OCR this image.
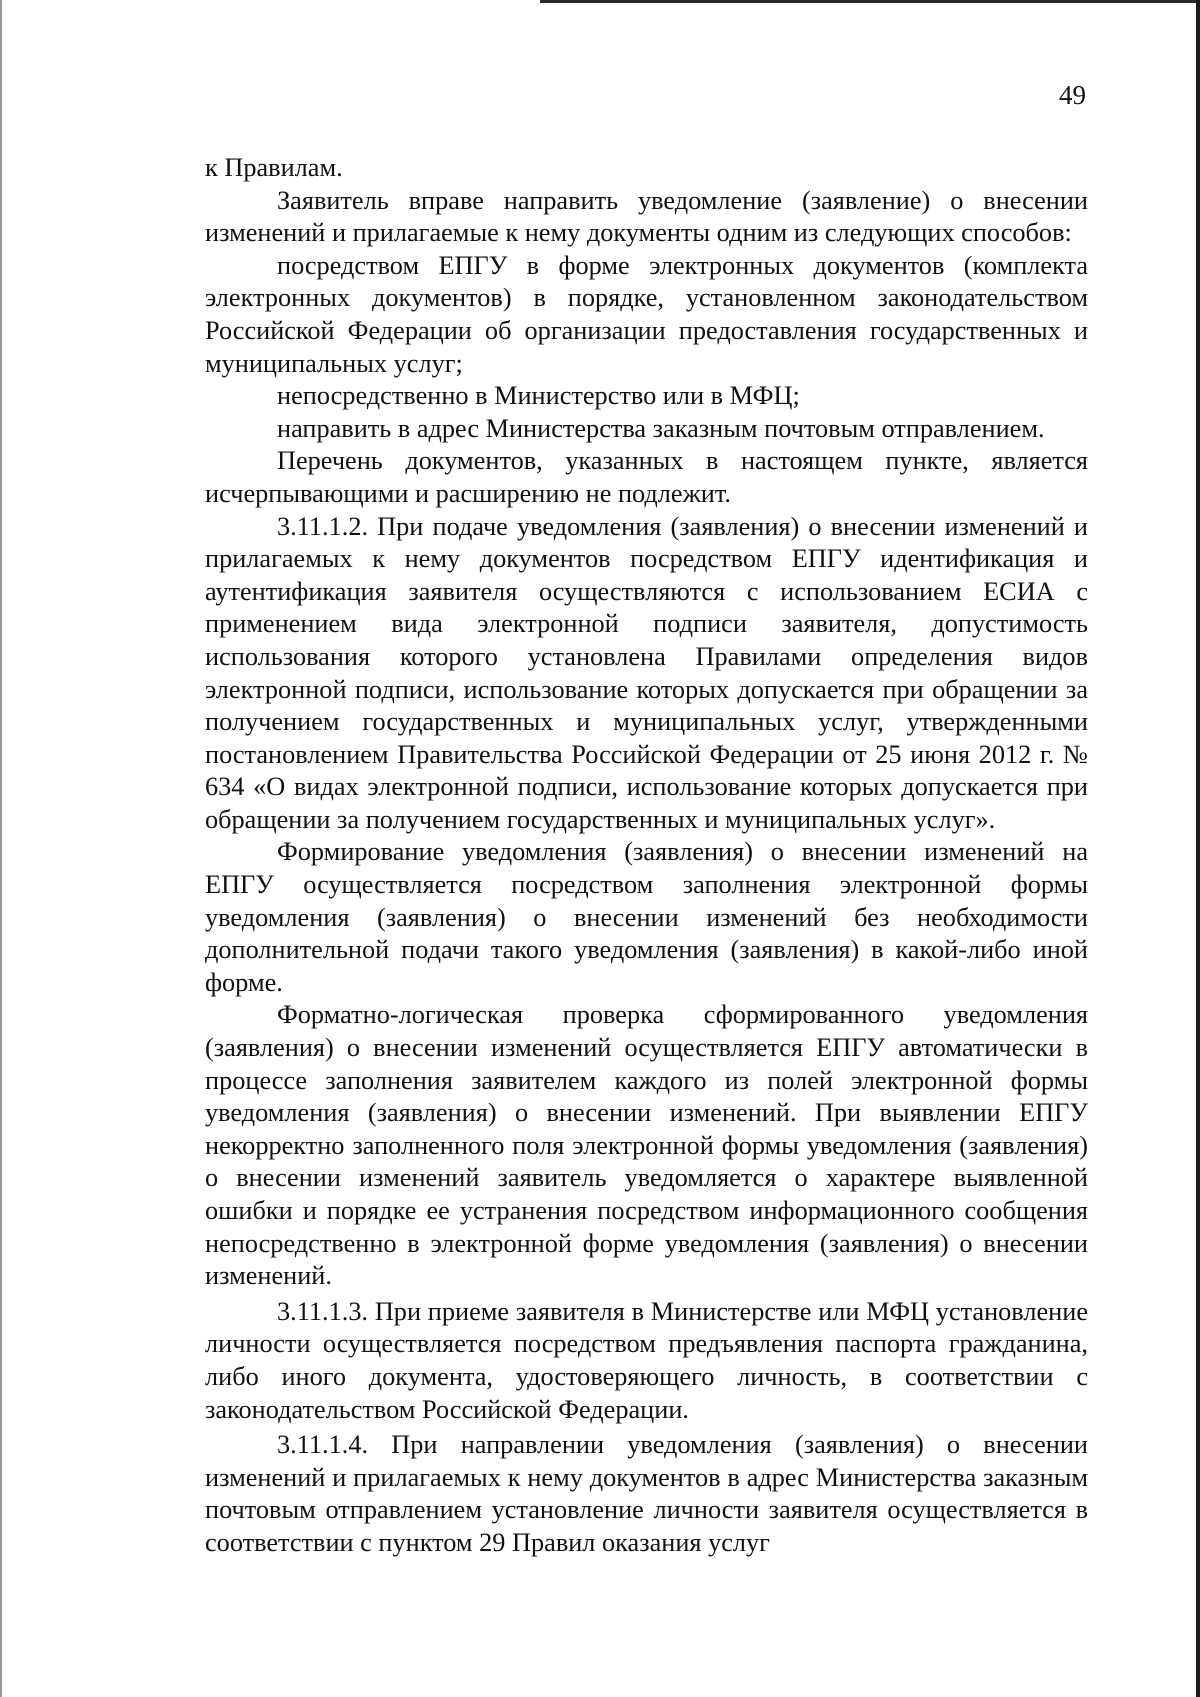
49

к Правилам.

Заявитель вправе направить уведомление (заявление) о внесении изменений и прилагаемые к нему документы одним из следующих способов:

посредством ЕПГУ в форме электронных документов (комплекта электронных документов) в порядке, установленном законодательством Российской Федерации об организации предоставления государственных и муниципальных услуг;

непосредственно в Министерство или в МФЦ;

направить в адрес Министерства заказным почтовым отправлением.

Перечень документов, указанных в настоящем пункте, является исчерпывающими и расширению не подлежит.

3.11.1.2. При подаче уведомления (заявления) о внесении изменений и прилагаемых к нему документов посредством ЕПГУ идентификация и аутентификация заявителя осуществляются с использованием ЕСИА с применением вида электронной подписи заявителя, допустимость использования которого установлена Правилами определения видов электронной подписи, использование которых допускается при обращении за получением государственных и муниципальных услуг, утвержденными постановлением Правительства Российской Федерации от 25 июня 2012 г. № 634 «О видах электронной подписи, использование которых допускается при обращении за получением государственных и муниципальных услуг».

Формирование уведомления (заявления) о внесении изменений на ЕПГУ осуществляется посредством заполнения электронной формы уведомления (заявления) о внесении изменений без необходимости дополнительной подачи такого уведомления (заявления) в какой-либо иной форме.

Форматно-логическая проверка сформированного уведомления (заявления) о внесении изменений осуществляется ЕПГУ автоматически в процессе заполнения заявителем каждого из полей электронной формы уведомления (заявления) о внесении изменений. При выявлении ЕПГУ некорректно заполненного поля электронной формы уведомления (заявления) о внесении изменений заявитель уведомляется о характере выявленной ошибки и порядке ее устранения посредством информационного сообщения непосредственно в электронной форме уведомления (заявления) о внесении изменений.

3.11.1.3. При приеме заявителя в Министерстве или МФЦ установление личности осуществляется посредством предъявления паспорта гражданина, либо иного документа, удостоверяющего личность, в соответствии с законодательством Российской Федерации.

3.11.1.4. При направлении уведомления (заявления) о внесении изменений и прилагаемых к нему документов в адрес Министерства заказным почтовым отправлением установление личности заявителя осуществляется в соответствии с пунктом 29 Правил оказания услуг
